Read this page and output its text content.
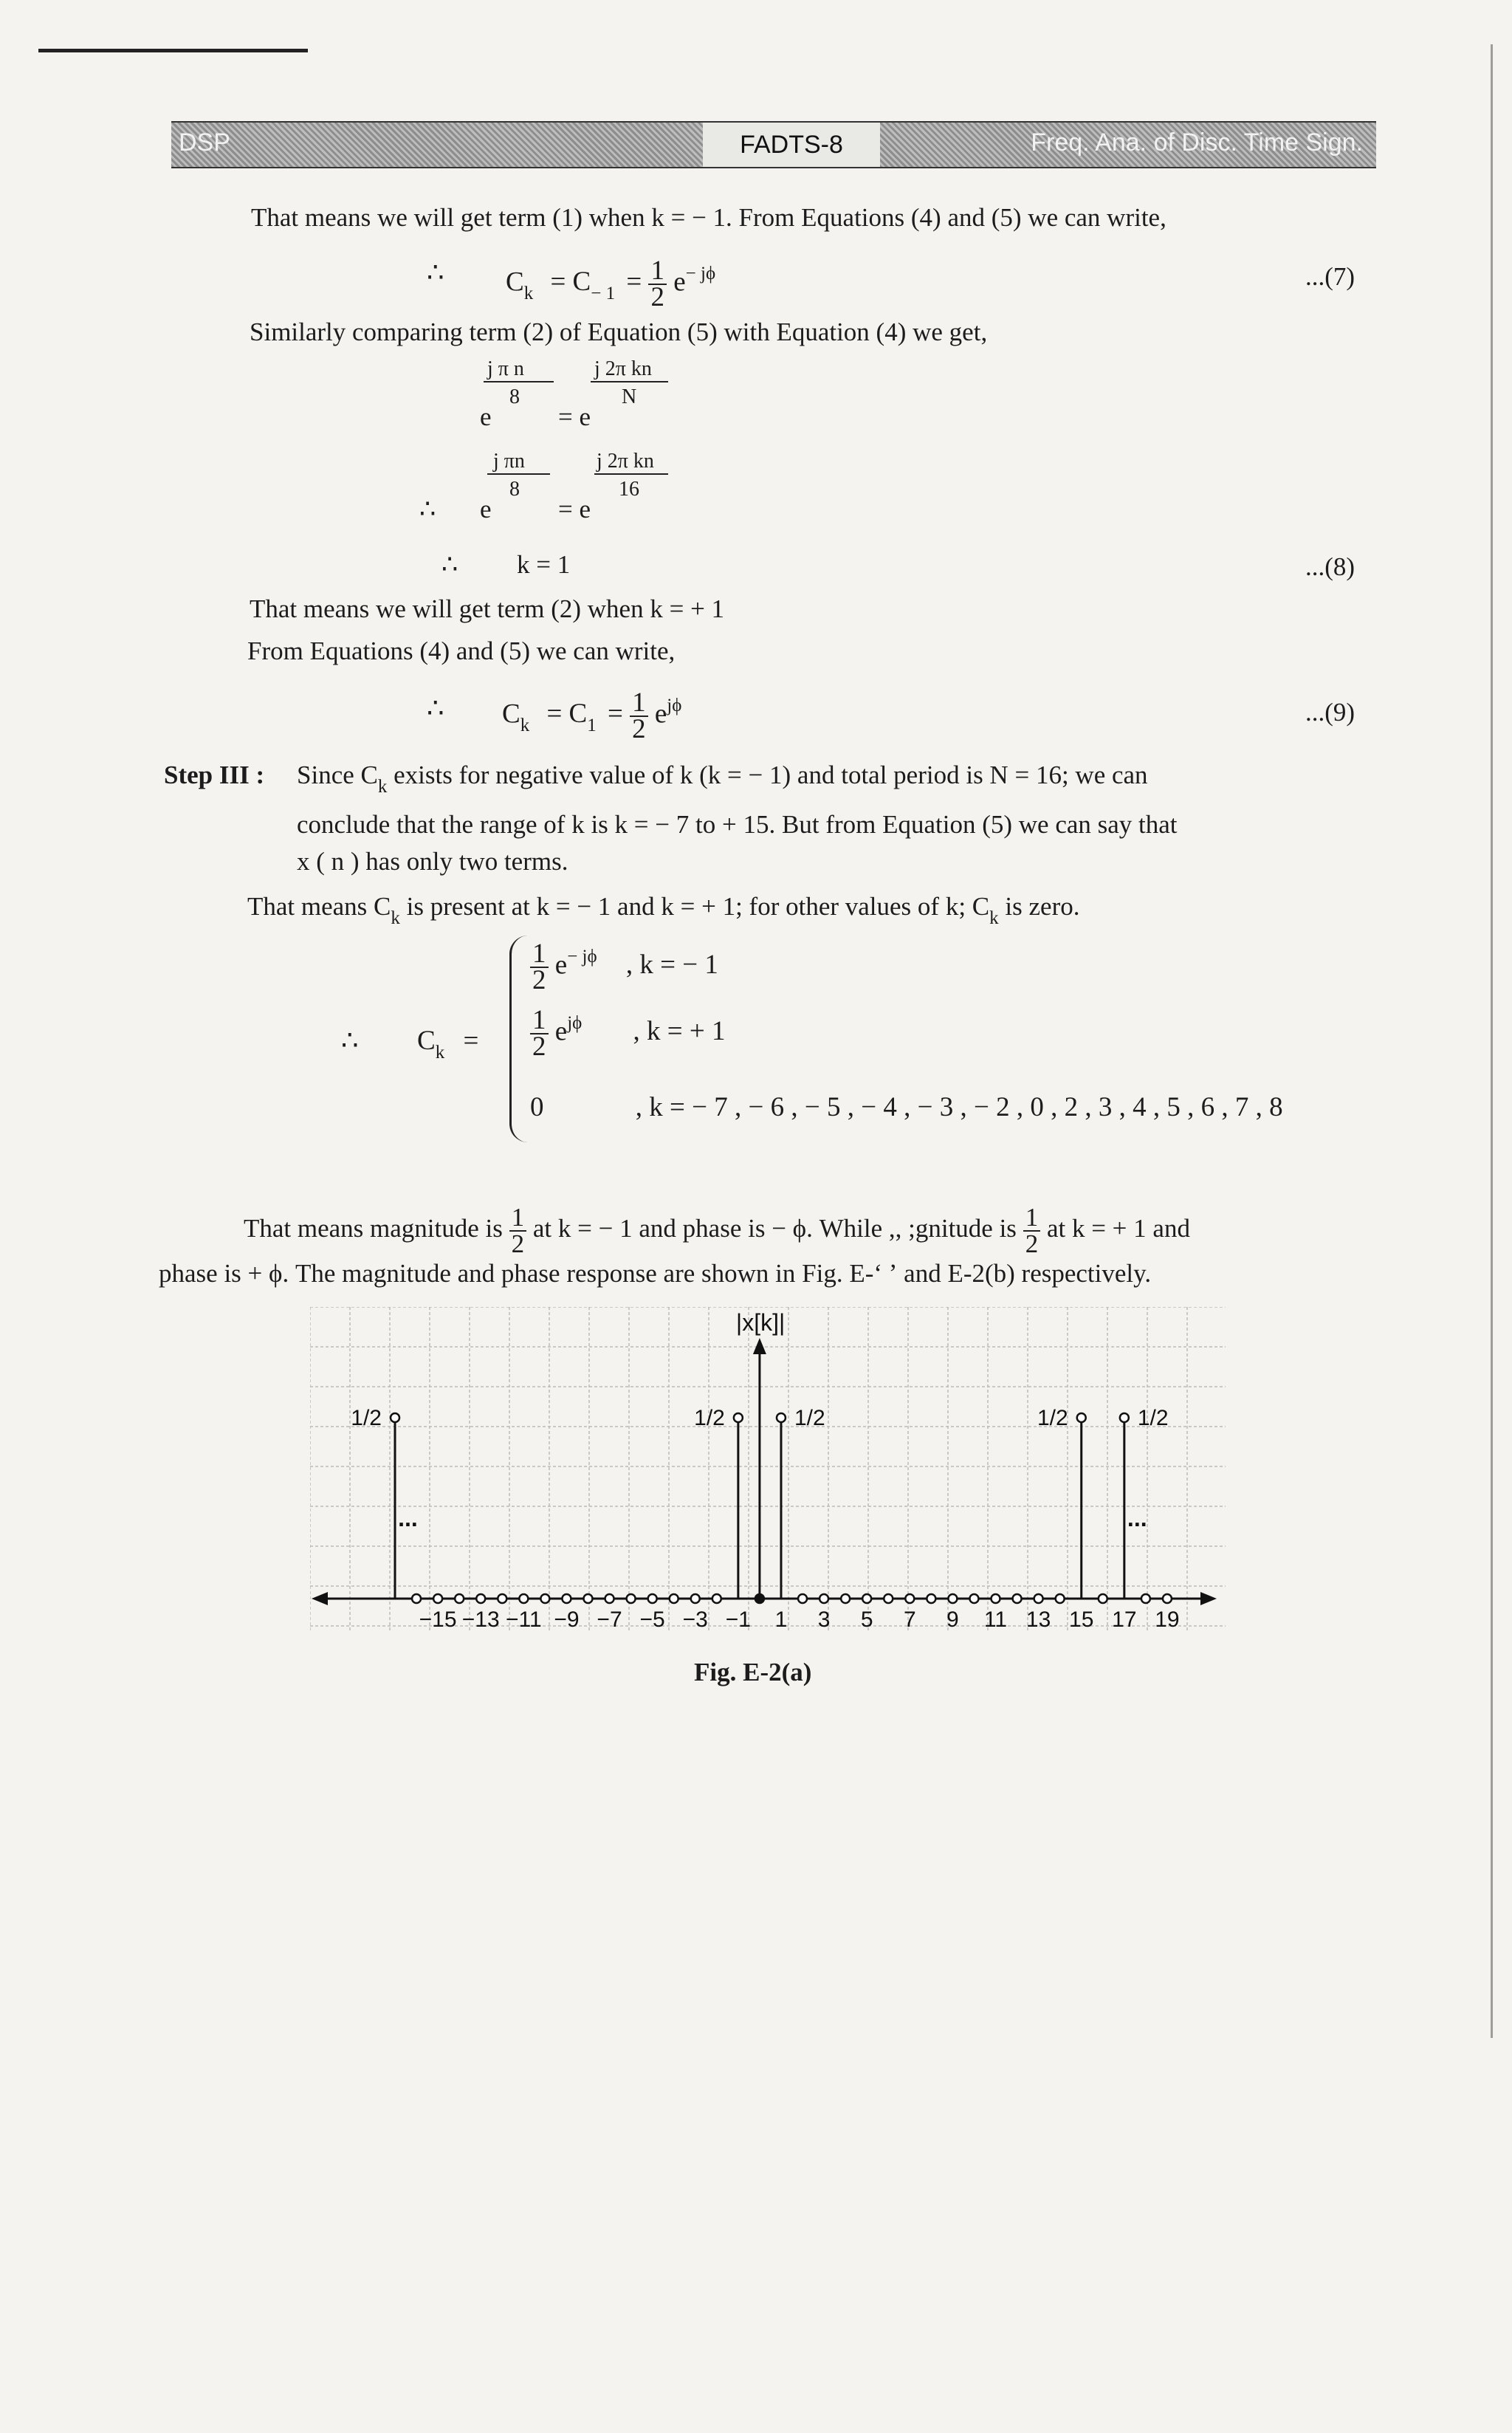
DSP	FADTS-8	Freq. Ana. of Disc. Time Sign.
That means we will get term (1) when k = − 1. From Equations (4) and (5) we can write,
∴ $C_k = C_{- 1} = \frac{1}{2} e^{- j\phi}$	...(7)
Similarly comparing term (2) of Equation (5) with Equation (4) we get,
j π n
8
j 2π kn
N
e	= e
j πn
∴
8
j 2π kn
16
e	= e
∴ k = 1	...(8)
That means we will get term (2) when k = + 1
From Equations (4) and (5) we can write,
∴ $C_k = C_1 = \frac{1}{2} e^{j\phi}$	...(9)
Step III : Since $C_k$ exists for negative value of k (k = − 1) and total period is N = 16; we can
conclude that the range of k is k = − 7 to + 15. But from Equation (5) we can say that
x ( n ) has only two terms.
That means $C_k$ is present at k = − 1 and k = + 1; for other values of k; $C_k$ is zero.
∴ $C_k$ =
$\frac{1}{2} e^{- j\phi}$ , k = − 1
$\frac{1}{2} e^{j\phi}$ , k = + 1
0	, k = − 7 , − 6 , − 5 , − 4 , − 3 , − 2 , 0 , 2 , 3 , 4 , 5 , 6 , 7 , 8
That means magnitude is $\frac{1}{2}$ at k = − 1 and phase is − ϕ. While ,, ;gnitude is $\frac{1}{2}$ at k = + 1 and
phase is + ϕ. The magnitude and phase response are shown in Fig. E-ʻ ʼ and E-2(b) respectively.
|x[k]|
−15 −13 −11 −9 −7 −5 −3 −1 1 3 5 7 9 11 13 15 17 19
1/2	1/2	1/2	1/2	1/2
...	...
Fig. E-2(a)
